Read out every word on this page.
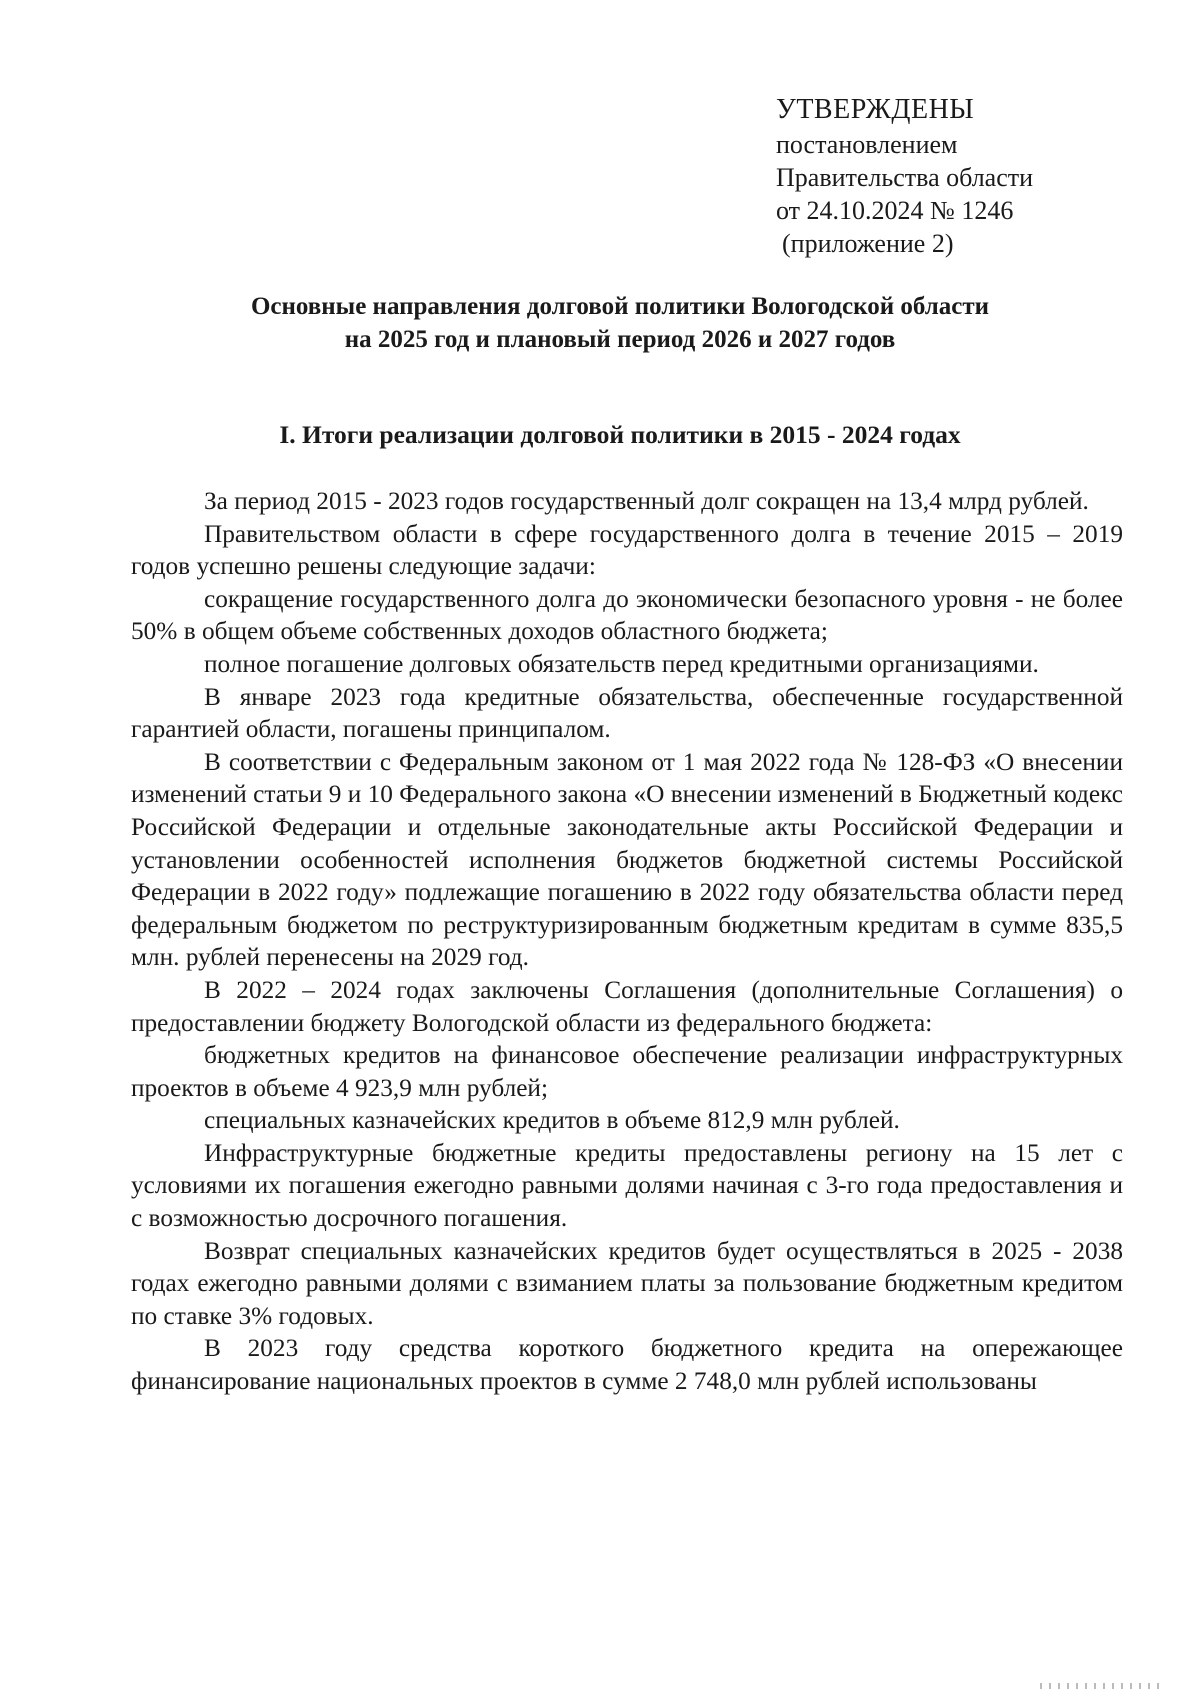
УТВЕРЖДЕНЫ
постановлением
Правительства области
от 24.10.2024 № 1246
(приложение 2)
Основные направления долговой политики Вологодской области
на 2025 год и плановый период 2026 и 2027 годов
I. Итоги реализации долговой политики в 2015 - 2024 годах

За период 2015 - 2023 годов государственный долг сокращен на 13,4 млрд рублей.

Правительством области в сфере государственного долга в течение 2015 – 2019 годов успешно решены следующие задачи:

сокращение государственного долга до экономически безопасного уровня - не более 50% в общем объеме собственных доходов областного бюджета;

полное погашение долговых обязательств перед кредитными организациями.

В январе 2023 года кредитные обязательства, обеспеченные государственной гарантией области, погашены принципалом.

В соответствии с Федеральным законом от 1 мая 2022 года № 128-ФЗ «О внесении изменений статьи 9 и 10 Федерального закона «О внесении изменений в Бюджетный кодекс Российской Федерации и отдельные законодательные акты Российской Федерации и установлении особенностей исполнения бюджетов бюджетной системы Российской Федерации в 2022 году» подлежащие погашению в 2022 году обязательства области перед федеральным бюджетом по реструктуризированным бюджетным кредитам в сумме 835,5 млн. рублей перенесены на 2029 год.

В 2022 – 2024 годах заключены Соглашения (дополнительные Соглашения) о предоставлении бюджету Вологодской области из федерального бюджета:

бюджетных кредитов на финансовое обеспечение реализации инфраструктурных проектов в объеме 4 923,9 млн рублей;

специальных казначейских кредитов в объеме 812,9 млн рублей.

Инфраструктурные бюджетные кредиты предоставлены региону на 15 лет с условиями их погашения ежегодно равными долями начиная с 3-го года предоставления и с возможностью досрочного погашения.

Возврат специальных казначейских кредитов будет осуществляться в 2025 - 2038 годах ежегодно равными долями с взиманием платы за пользование бюджетным кредитом по ставке 3% годовых.

В 2023 году средства короткого бюджетного кредита на опережающее финансирование национальных проектов в сумме 2 748,0 млн рублей использованы
